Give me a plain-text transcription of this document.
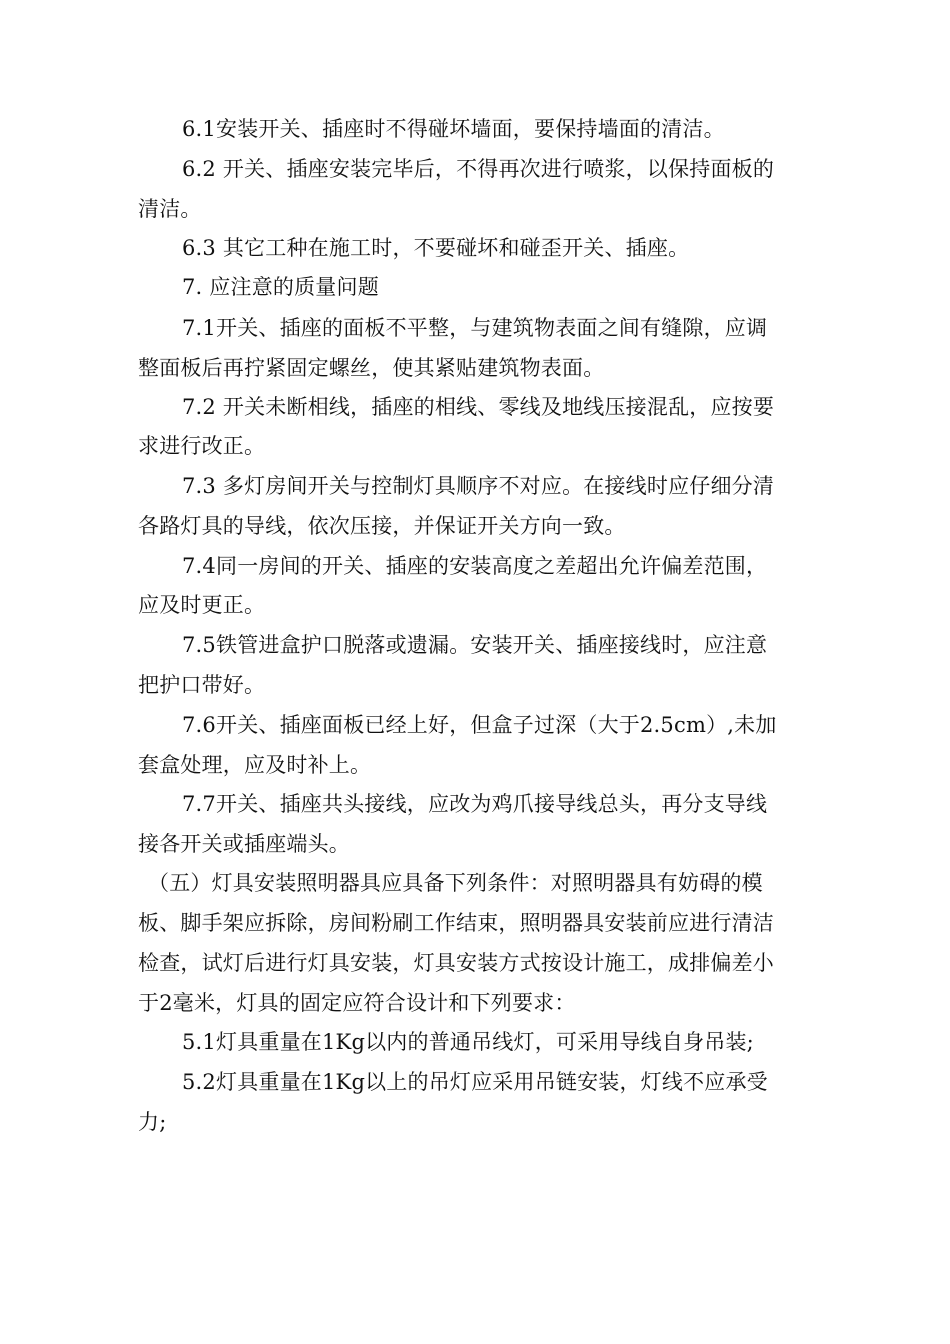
6.1安装开关、插座时不得碰坏墙面，要保持墙面的清洁。
6.2 开关、插座安装完毕后，不得再次进行喷浆，以保持面板的
清洁。
6.3 其它工种在施工时，不要碰坏和碰歪开关、插座。
7. 应注意的质量问题
7.1开关、插座的面板不平整，与建筑物表面之间有缝隙，应调
整面板后再拧紧固定螺丝，使其紧贴建筑物表面。
7.2 开关未断相线，插座的相线、零线及地线压接混乱，应按要
求进行改正。
7.3 多灯房间开关与控制灯具顺序不对应。在接线时应仔细分清
各路灯具的导线，依次压接，并保证开关方向一致。
7.4同一房间的开关、插座的安装高度之差超出允许偏差范围，
应及时更正。
7.5铁管进盒护口脱落或遗漏。安装开关、插座接线时，应注意
把护口带好。
7.6开关、插座面板已经上好，但盒子过深（大于2.5cm）,未加
套盒处理，应及时补上。
7.7开关、插座共头接线，应改为鸡爪接导线总头，再分支导线
接各开关或插座端头。
（五）灯具安装照明器具应具备下列条件：对照明器具有妨碍的模
板、脚手架应拆除，房间粉刷工作结束，照明器具安装前应进行清洁
检查，试灯后进行灯具安装，灯具安装方式按设计施工，成排偏差小
于2毫米，灯具的固定应符合设计和下列要求：
5.1灯具重量在1Kg以内的普通吊线灯，可采用导线自身吊装;
5.2灯具重量在1Kg以上的吊灯应采用吊链安装，灯线不应承受
力;
